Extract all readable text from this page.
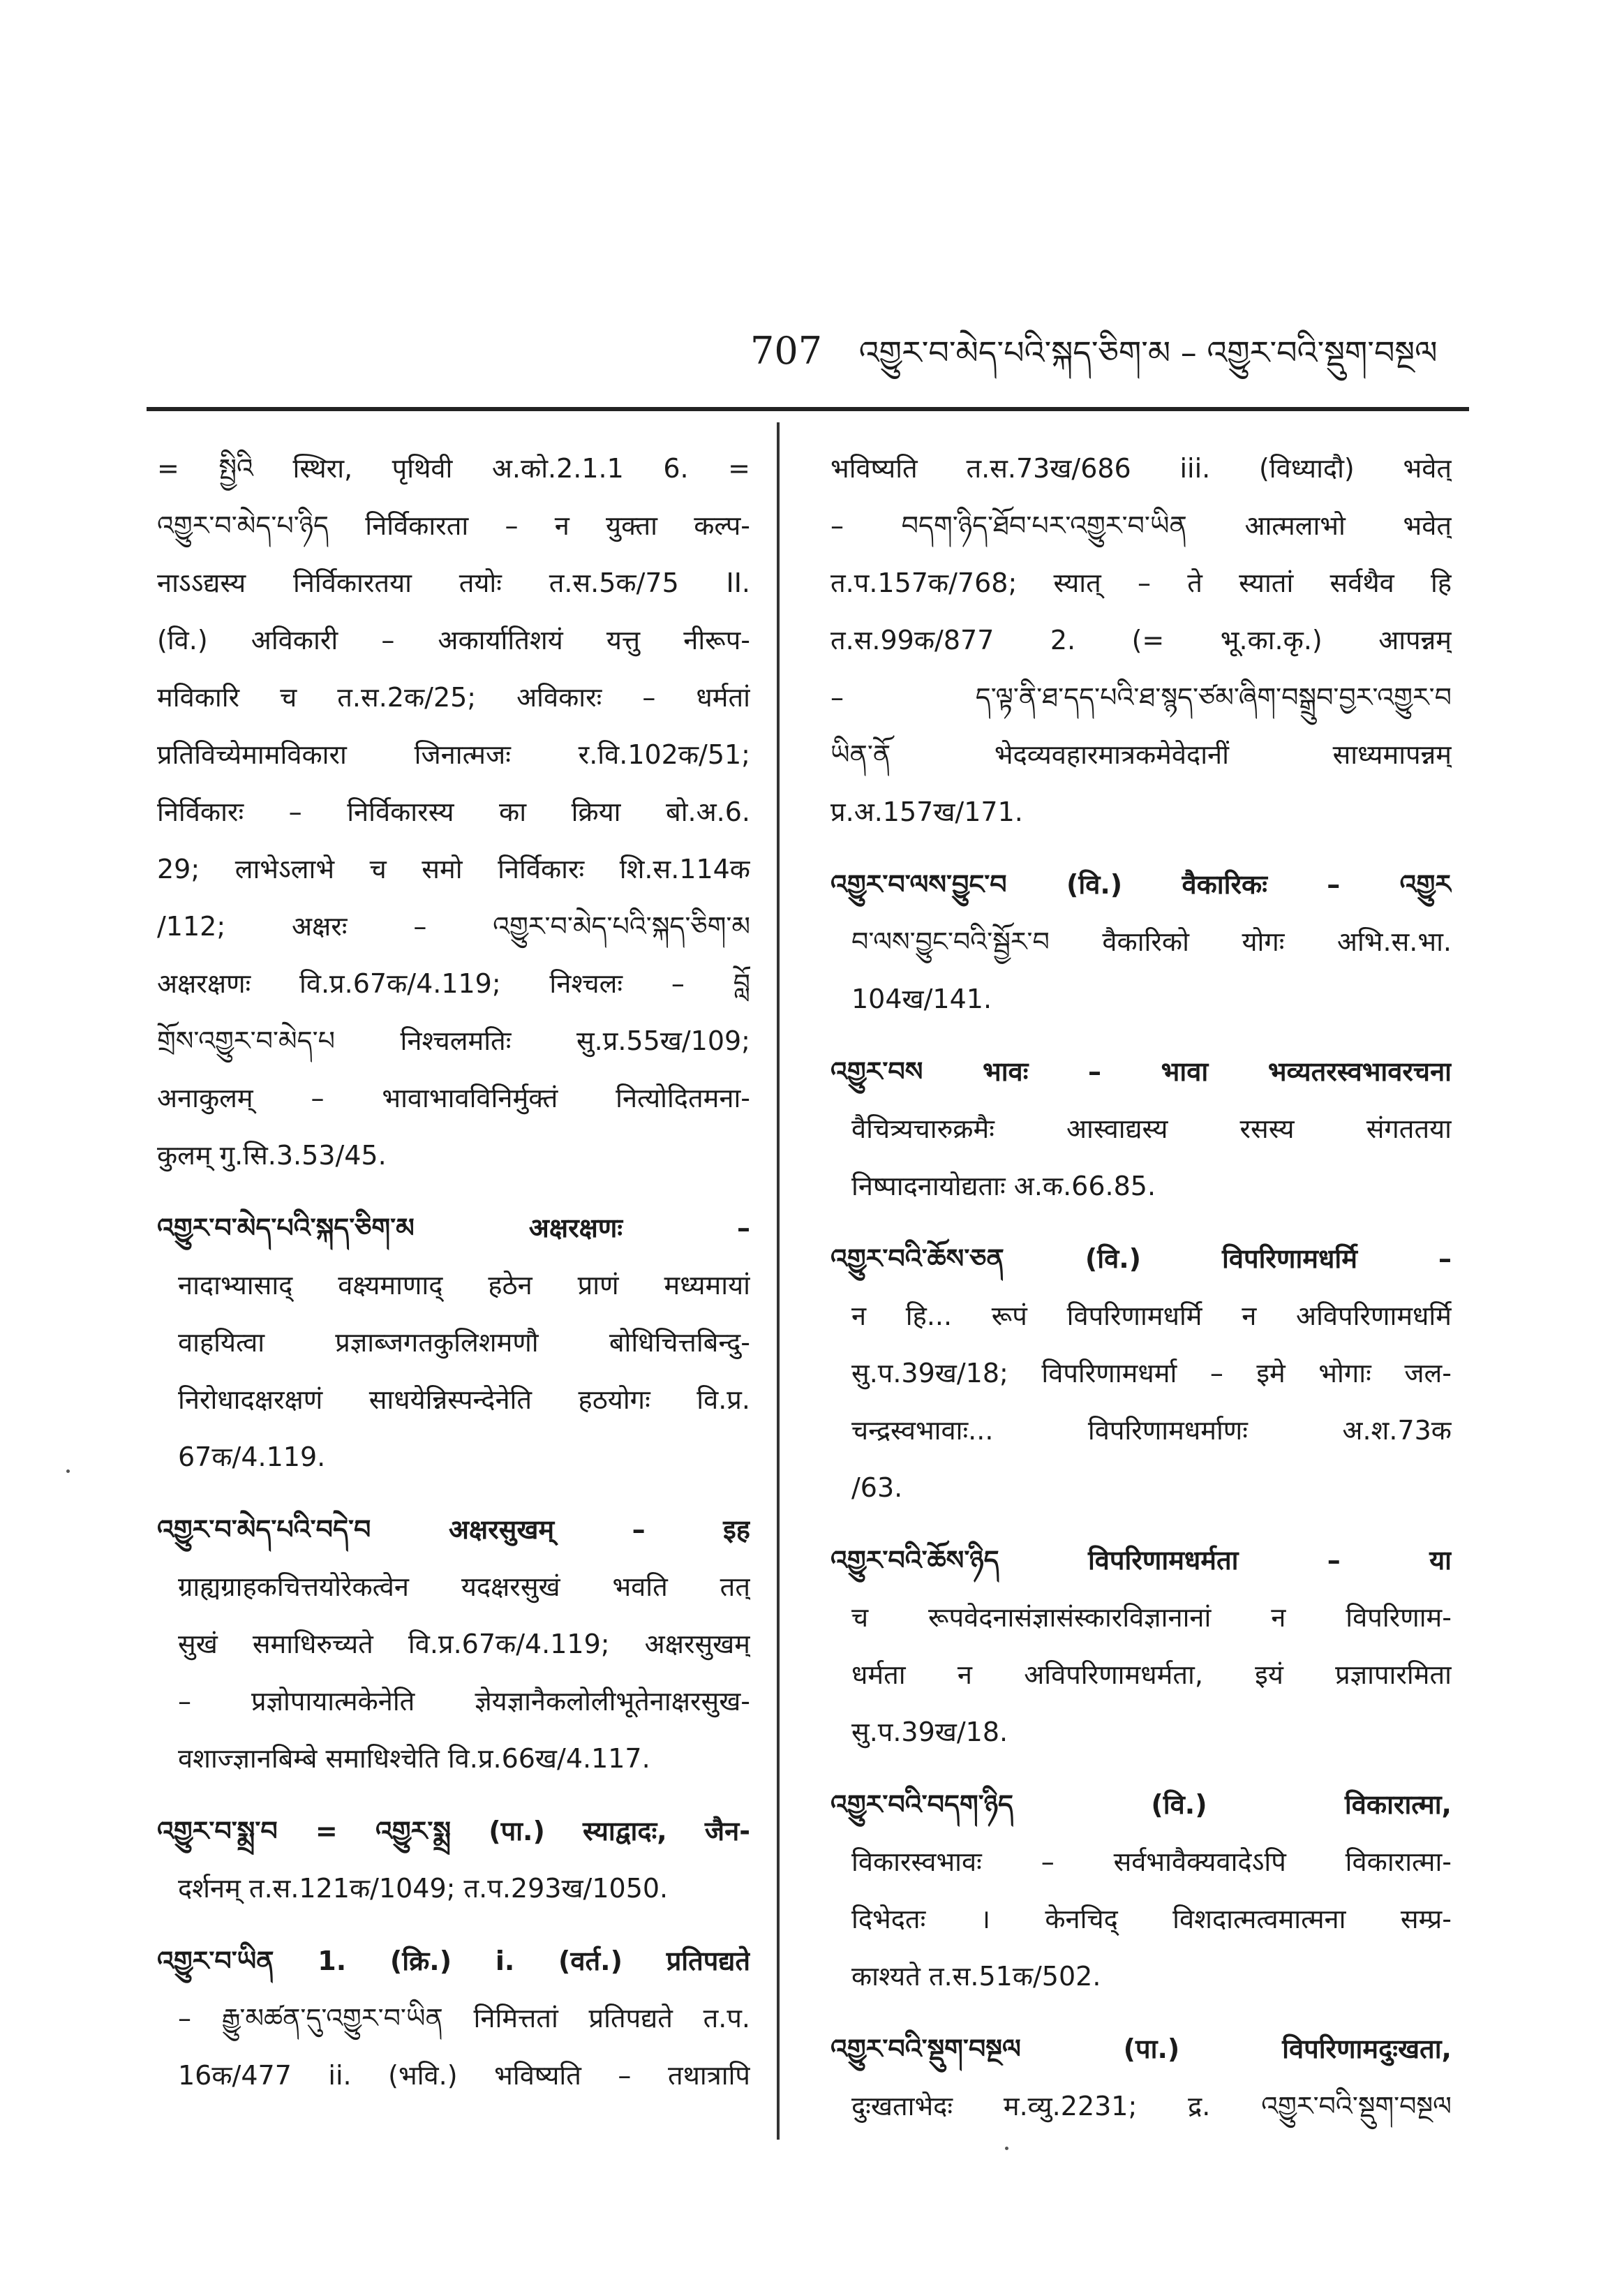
707 འགྱུར་བ་མེད་པའི་སྐད་ཅིག་མ – འགྱུར་བའི་སྡུག་བསྔལ
= སྤྱིའི स्थिरा, पृथिवी अ.को.2.1.1 6. =
འགྱུར་བ་མེད་པ་ཉིད निर्विकारता – न युक्ता कल्प-
नाऽऽद्यस्य निर्विकारतया तयोः त.स.5क/75 II.
(वि.) अविकारी – अकार्यातिशयं यत्तु नीरूप-
मविकारि च त.स.2क/25; अविकारः – धर्मतां
प्रतिविच्येमामविकारा जिनात्मजः र.वि.102क/51;
निर्विकारः – निर्विकारस्य का क्रिया बो.अ.6.
29; लाभेऽलाभे च समो निर्विकारः शि.स.114क
/112; अक्षरः – འགྱུར་བ་མེད་པའི་སྐད་ཅིག་མ
अक्षरक्षणः वि.प्र.67क/4.119; निश्चलः – བློ
གྲོས་འགྱུར་བ་མེད་པ निश्चलमतिः सु.प्र.55ख/109;
अनाकुलम् – भावाभावविनिर्मुक्तं नित्योदितमना-
कुलम् गु.सि.3.53/45.
འགྱུར་བ་མེད་པའི་སྐད་ཅིག་མ अक्षरक्षणः –
नादाभ्यासाद् वक्ष्यमाणाद् हठेन प्राणं मध्यमायां
वाहयित्वा प्रज्ञाब्जगतकुलिशमणौ बोधिचित्तबिन्दु-
निरोधादक्षरक्षणं साधयेन्निस्पन्देनेति हठयोगः वि.प्र.
67क/4.119.
འགྱུར་བ་མེད་པའི་བདེ་བ अक्षरसुखम् – इह
ग्राह्यग्राहकचित्तयोरेकत्वेन यदक्षरसुखं भवति तत्
सुखं समाधिरुच्यते वि.प्र.67क/4.119; अक्षरसुखम्
– प्रज्ञोपायात्मकेनेति ज्ञेयज्ञानैकलोलीभूतेनाक्षरसुख-
वशाज्ज्ञानबिम्बे समाधिश्चेति वि.प्र.66ख/4.117.
འགྱུར་བ་སྨྲ་བ = འགྱུར་སྨྲ (पा.) स्याद्वादः, जैन-
दर्शनम् त.स.121क/1049; त.प.293ख/1050.
འགྱུར་བ་ཡིན 1. (क्रि.) i. (वर्त.) प्रतिपद्यते
– རྒྱུ་མཚན་དུ་འགྱུར་བ་ཡིན निमित्ततां प्रतिपद्यते त.प.
16क/477 ii. (भवि.) भविष्यति – तथात्रापि
भविष्यति त.स.73ख/686 iii. (विध्यादौ) भवेत्
– བདག་ཉིད་ཐོབ་པར་འགྱུར་བ་ཡིན आत्मलाभो भवेत्
त.प.157क/768; स्यात् – ते स्यातां सर्वथैव हि
त.स.99क/877 2. (= भू.का.कृ.) आपन्नम्
– ད་ལྟ་ནི་ཐ་དད་པའི་ཐ་སྙད་ཙམ་ཞིག་བསྒྲུབ་བྱར་འགྱུར་བ
ཡིན་ནོ भेदव्यवहारमात्रकमेवेदानीं साध्यमापन्नम्
प्र.अ.157ख/171.
འགྱུར་བ་ལས་བྱུང་བ (वि.) वैकारिकः – འགྱུར
བ་ལས་བྱུང་བའི་སྦྱོར་བ वैकारिको योगः अभि.स.भा.
104ख/141.
འགྱུར་བས भावः – भावा भव्यतरस्वभावरचना
वैचित्र्यचारुक्रमैः आस्वाद्यस्य रसस्य संगततया
निष्पादनायोद्यताः अ.क.66.85.
འགྱུར་བའི་ཆོས་ཅན (वि.) विपरिणामधर्मि –
न हि... रूपं विपरिणामधर्मि न अविपरिणामधर्मि
सु.प.39ख/18; विपरिणामधर्मा – इमे भोगाः जल-
चन्द्रस्वभावाः... विपरिणामधर्माणः अ.श.73क
/63.
འགྱུར་བའི་ཆོས་ཉིད विपरिणामधर्मता – या
च रूपवेदनासंज्ञासंस्कारविज्ञानानां न विपरिणाम-
धर्मता न अविपरिणामधर्मता, इयं प्रज्ञापारमिता
सु.प.39ख/18.
འགྱུར་བའི་བདག་ཉིད (वि.) विकारात्मा,
विकारस्वभावः – सर्वभावैक्यवादेऽपि विकारात्मा-
दिभेदतः । केनचिद् विशदात्मत्वमात्मना सम्प्र-
काश्यते त.स.51क/502.
འགྱུར་བའི་སྡུག་བསྔལ (पा.) विपरिणामदुःखता,
दुःखताभेदः म.व्यु.2231; द्र. འགྱུར་བའི་སྡུག་བསྔལ
